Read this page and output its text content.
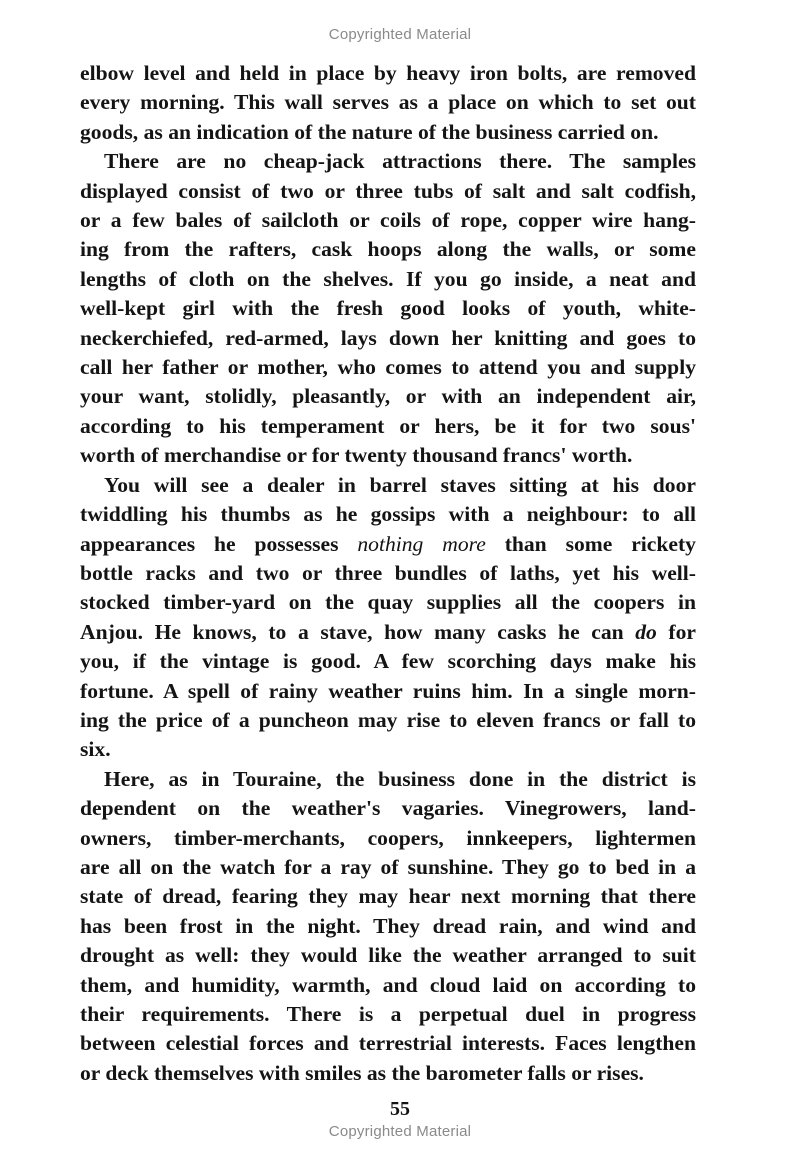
Copyrighted Material
elbow level and held in place by heavy iron bolts, are removed
every morning. This wall serves as a place on which to set out
goods, as an indication of the nature of the business carried on.
There are no cheap-jack attractions there. The samples
displayed consist of two or three tubs of salt and salt codfish,
or a few bales of sailcloth or coils of rope, copper wire hang-
ing from the rafters, cask hoops along the walls, or some
lengths of cloth on the shelves. If you go inside, a neat and
well-kept girl with the fresh good looks of youth, white-
neckerchiefed, red-armed, lays down her knitting and goes to
call her father or mother, who comes to attend you and supply
your want, stolidly, pleasantly, or with an independent air,
according to his temperament or hers, be it for two sous'
worth of merchandise or for twenty thousand francs' worth.
You will see a dealer in barrel staves sitting at his door
twiddling his thumbs as he gossips with a neighbour: to all
appearances he possesses nothing more than some rickety
bottle racks and two or three bundles of laths, yet his well-
stocked timber-yard on the quay supplies all the coopers in
Anjou. He knows, to a stave, how many casks he can do for
you, if the vintage is good. A few scorching days make his
fortune. A spell of rainy weather ruins him. In a single morn-
ing the price of a puncheon may rise to eleven francs or fall to
six.
Here, as in Touraine, the business done in the district is
dependent on the weather's vagaries. Vinegrowers, land-
owners, timber-merchants, coopers, innkeepers, lightermen
are all on the watch for a ray of sunshine. They go to bed in a
state of dread, fearing they may hear next morning that there
has been frost in the night. They dread rain, and wind and
drought as well: they would like the weather arranged to suit
them, and humidity, warmth, and cloud laid on according to
their requirements. There is a perpetual duel in progress
between celestial forces and terrestrial interests. Faces lengthen
or deck themselves with smiles as the barometer falls or rises.
55
Copyrighted Material
